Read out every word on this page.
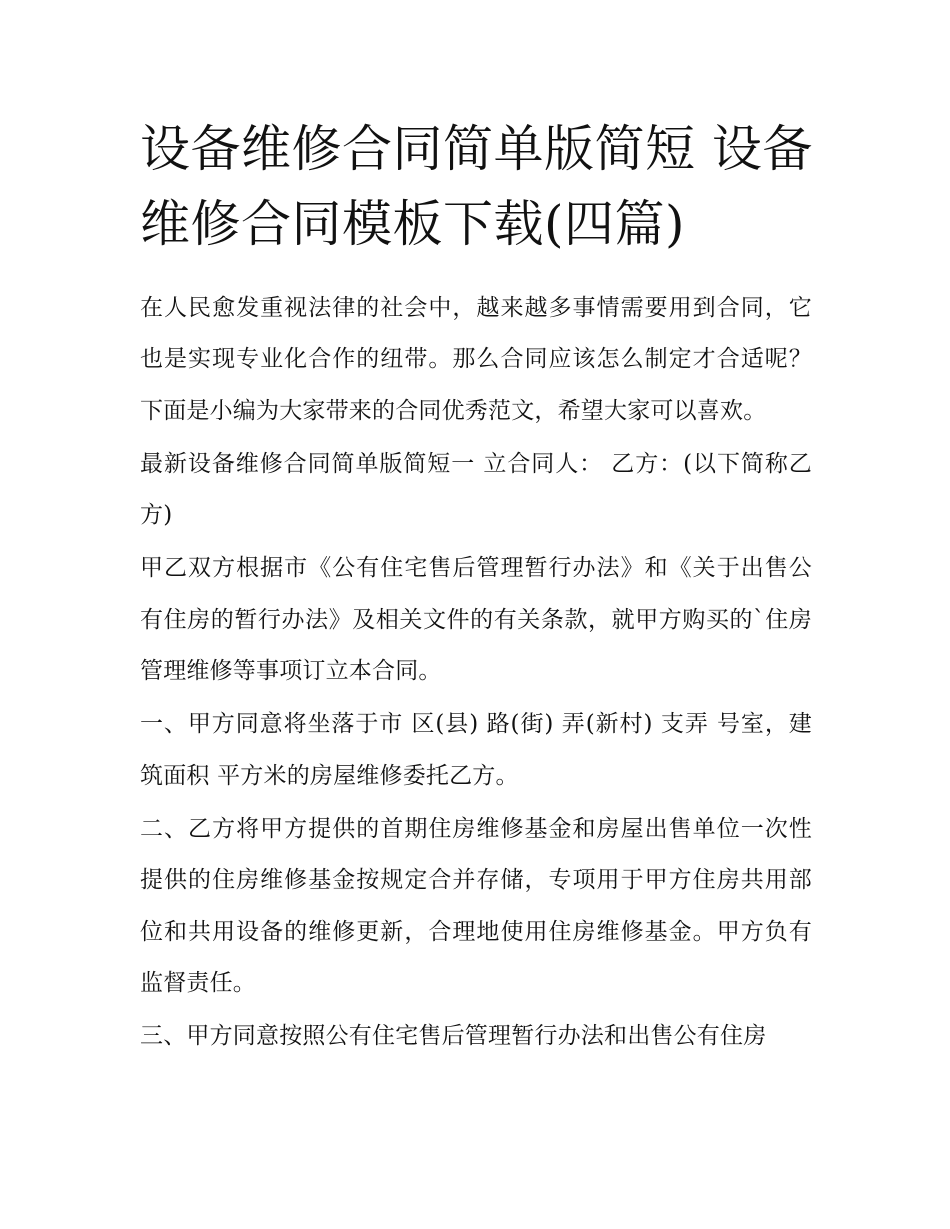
设备维修合同简单版简短 设备维修合同模板下载(四篇)

在人民愈发重视法律的社会中，越来越多事情需要用到合同，它也是实现专业化合作的纽带。那么合同应该怎么制定才合适呢？下面是小编为大家带来的合同优秀范文，希望大家可以喜欢。

最新设备维修合同简单版简短一 立合同人： 乙方：(以下简称乙方)

甲乙双方根据市《公有住宅售后管理暂行办法》和《关于出售公有住房的暂行办法》及相关文件的有关条款，就甲方购买的`住房管理维修等事项订立本合同。

一、甲方同意将坐落于市 区(县) 路(街) 弄(新村) 支弄 号室，建筑面积 平方米的房屋维修委托乙方。

二、乙方将甲方提供的首期住房维修基金和房屋出售单位一次性提供的住房维修基金按规定合并存储，专项用于甲方住房共用部位和共用设备的维修更新，合理地使用住房维修基金。甲方负有监督责任。

三、甲方同意按照公有住宅售后管理暂行办法和出售公有住房
